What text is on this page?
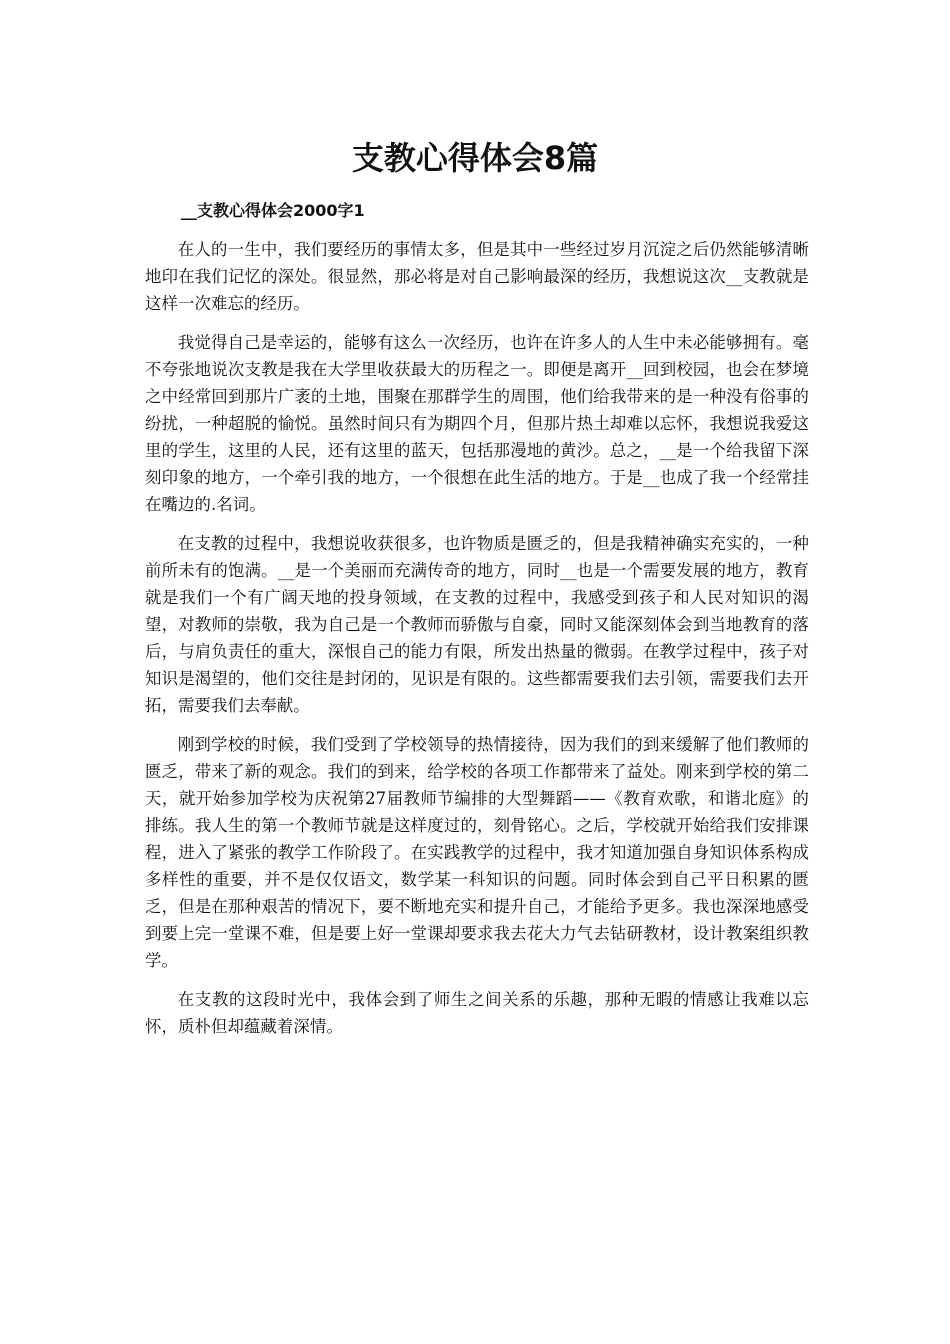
支教心得体会8篇
__支教心得体会2000字1

在人的一生中，我们要经历的事情太多，但是其中一些经过岁月沉淀之后仍然能够清晰地印在我们记忆的深处。很显然，那必将是对自己影响最深的经历，我想说这次__支教就是这样一次难忘的经历。

我觉得自己是幸运的，能够有这么一次经历，也许在许多人的人生中未必能够拥有。毫不夸张地说次支教是我在大学里收获最大的历程之一。即便是离开__回到校园，也会在梦境之中经常回到那片广袤的土地，围聚在那群学生的周围，他们给我带来的是一种没有俗事的纷扰，一种超脱的愉悦。虽然时间只有为期四个月，但那片热土却难以忘怀，我想说我爱这里的学生，这里的人民，还有这里的蓝天，包括那漫地的黄沙。总之，__是一个给我留下深刻印象的地方，一个牵引我的地方，一个很想在此生活的地方。于是__也成了我一个经常挂在嘴边的.名词。

在支教的过程中，我想说收获很多，也许物质是匮乏的，但是我精神确实充实的，一种前所未有的饱满。__是一个美丽而充满传奇的地方，同时__也是一个需要发展的地方，教育就是我们一个有广阔天地的投身领域，在支教的过程中，我感受到孩子和人民对知识的渴望，对教师的崇敬，我为自己是一个教师而骄傲与自豪，同时又能深刻体会到当地教育的落后，与肩负责任的重大，深恨自己的能力有限，所发出热量的微弱。在教学过程中，孩子对知识是渴望的，他们交往是封闭的，见识是有限的。这些都需要我们去引领，需要我们去开拓，需要我们去奉献。

刚到学校的时候，我们受到了学校领导的热情接待，因为我们的到来缓解了他们教师的匮乏，带来了新的观念。我们的到来，给学校的各项工作都带来了益处。刚来到学校的第二天，就开始参加学校为庆祝第27届教师节编排的大型舞蹈——《教育欢歌，和谐北庭》的排练。我人生的第一个教师节就是这样度过的，刻骨铭心。之后，学校就开始给我们安排课程，进入了紧张的教学工作阶段了。在实践教学的过程中，我才知道加强自身知识体系构成多样性的重要，并不是仅仅语文，数学某一科知识的问题。同时体会到自己平日积累的匮乏，但是在那种艰苦的情况下，要不断地充实和提升自己，才能给予更多。我也深深地感受到要上完一堂课不难，但是要上好一堂课却要求我去花大力气去钻研教材，设计教案组织教学。

在支教的这段时光中，我体会到了师生之间关系的乐趣，那种无暇的情感让我难以忘怀，质朴但却蕴藏着深情。
